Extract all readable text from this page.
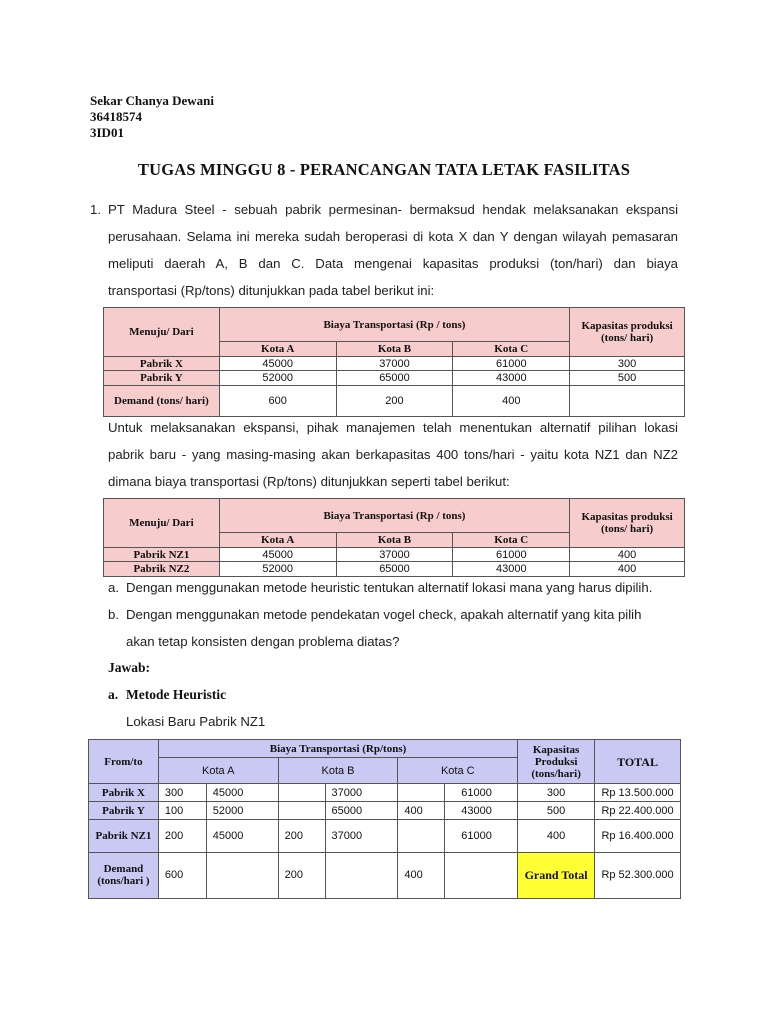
Sekar Chanya Dewani
36418574
3ID01
TUGAS MINGGU 8 - PERANCANGAN TATA LETAK FASILITAS
1. PT Madura Steel - sebuah pabrik permesinan- bermaksud hendak melaksanakan ekspansi
perusahaan. Selama ini mereka sudah beroperasi di kota X dan Y dengan wilayah pemasaran
meliputi daerah A, B dan C. Data mengenai kapasitas produksi (ton/hari) dan biaya
transportasi (Rp/tons) ditunjukkan pada tabel berikut ini:
Menuju/ Dari	Biaya Transportasi (Rp / tons)			Kapasitas produksi (tons/ hari)
	Kota A	Kota B	Kota C	
Pabrik X	45000	37000	61000	300
Pabrik Y	52000	65000	43000	500
Demand (tons/ hari)	600	200	400	
Untuk melaksanakan ekspansi, pihak manajemen telah menentukan alternatif pilihan lokasi
pabrik baru - yang masing-masing akan berkapasitas 400 tons/hari - yaitu kota NZ1 dan NZ2
dimana biaya transportasi (Rp/tons) ditunjukkan seperti tabel berikut:
Menuju/ Dari	Biaya Transportasi (Rp / tons)			Kapasitas produksi (tons/ hari)
	Kota A	Kota B	Kota C	
Pabrik NZ1	45000	37000	61000	400
Pabrik NZ2	52000	65000	43000	400
a. Dengan menggunakan metode heuristic tentukan alternatif lokasi mana yang harus dipilih.
b. Dengan menggunakan metode pendekatan vogel check, apakah alternatif yang kita pilih
akan tetap konsisten dengan problema diatas?
Jawab:
a. Metode Heuristic
Lokasi Baru Pabrik NZ1
From/to	Biaya Transportasi (Rp/tons)						Kapasitas Produksi (tons/hari)	TOTAL
	Kota A		Kota B		Kota C			
Pabrik X	300	45000		37000		61000	300	Rp 13.500.000
Pabrik Y	100	52000		65000	400	43000	500	Rp 22.400.000
Pabrik NZ1	200	45000	200	37000		61000	400	Rp 16.400.000
Demand (tons/hari )	600		200		400		Grand Total	Rp 52.300.000
